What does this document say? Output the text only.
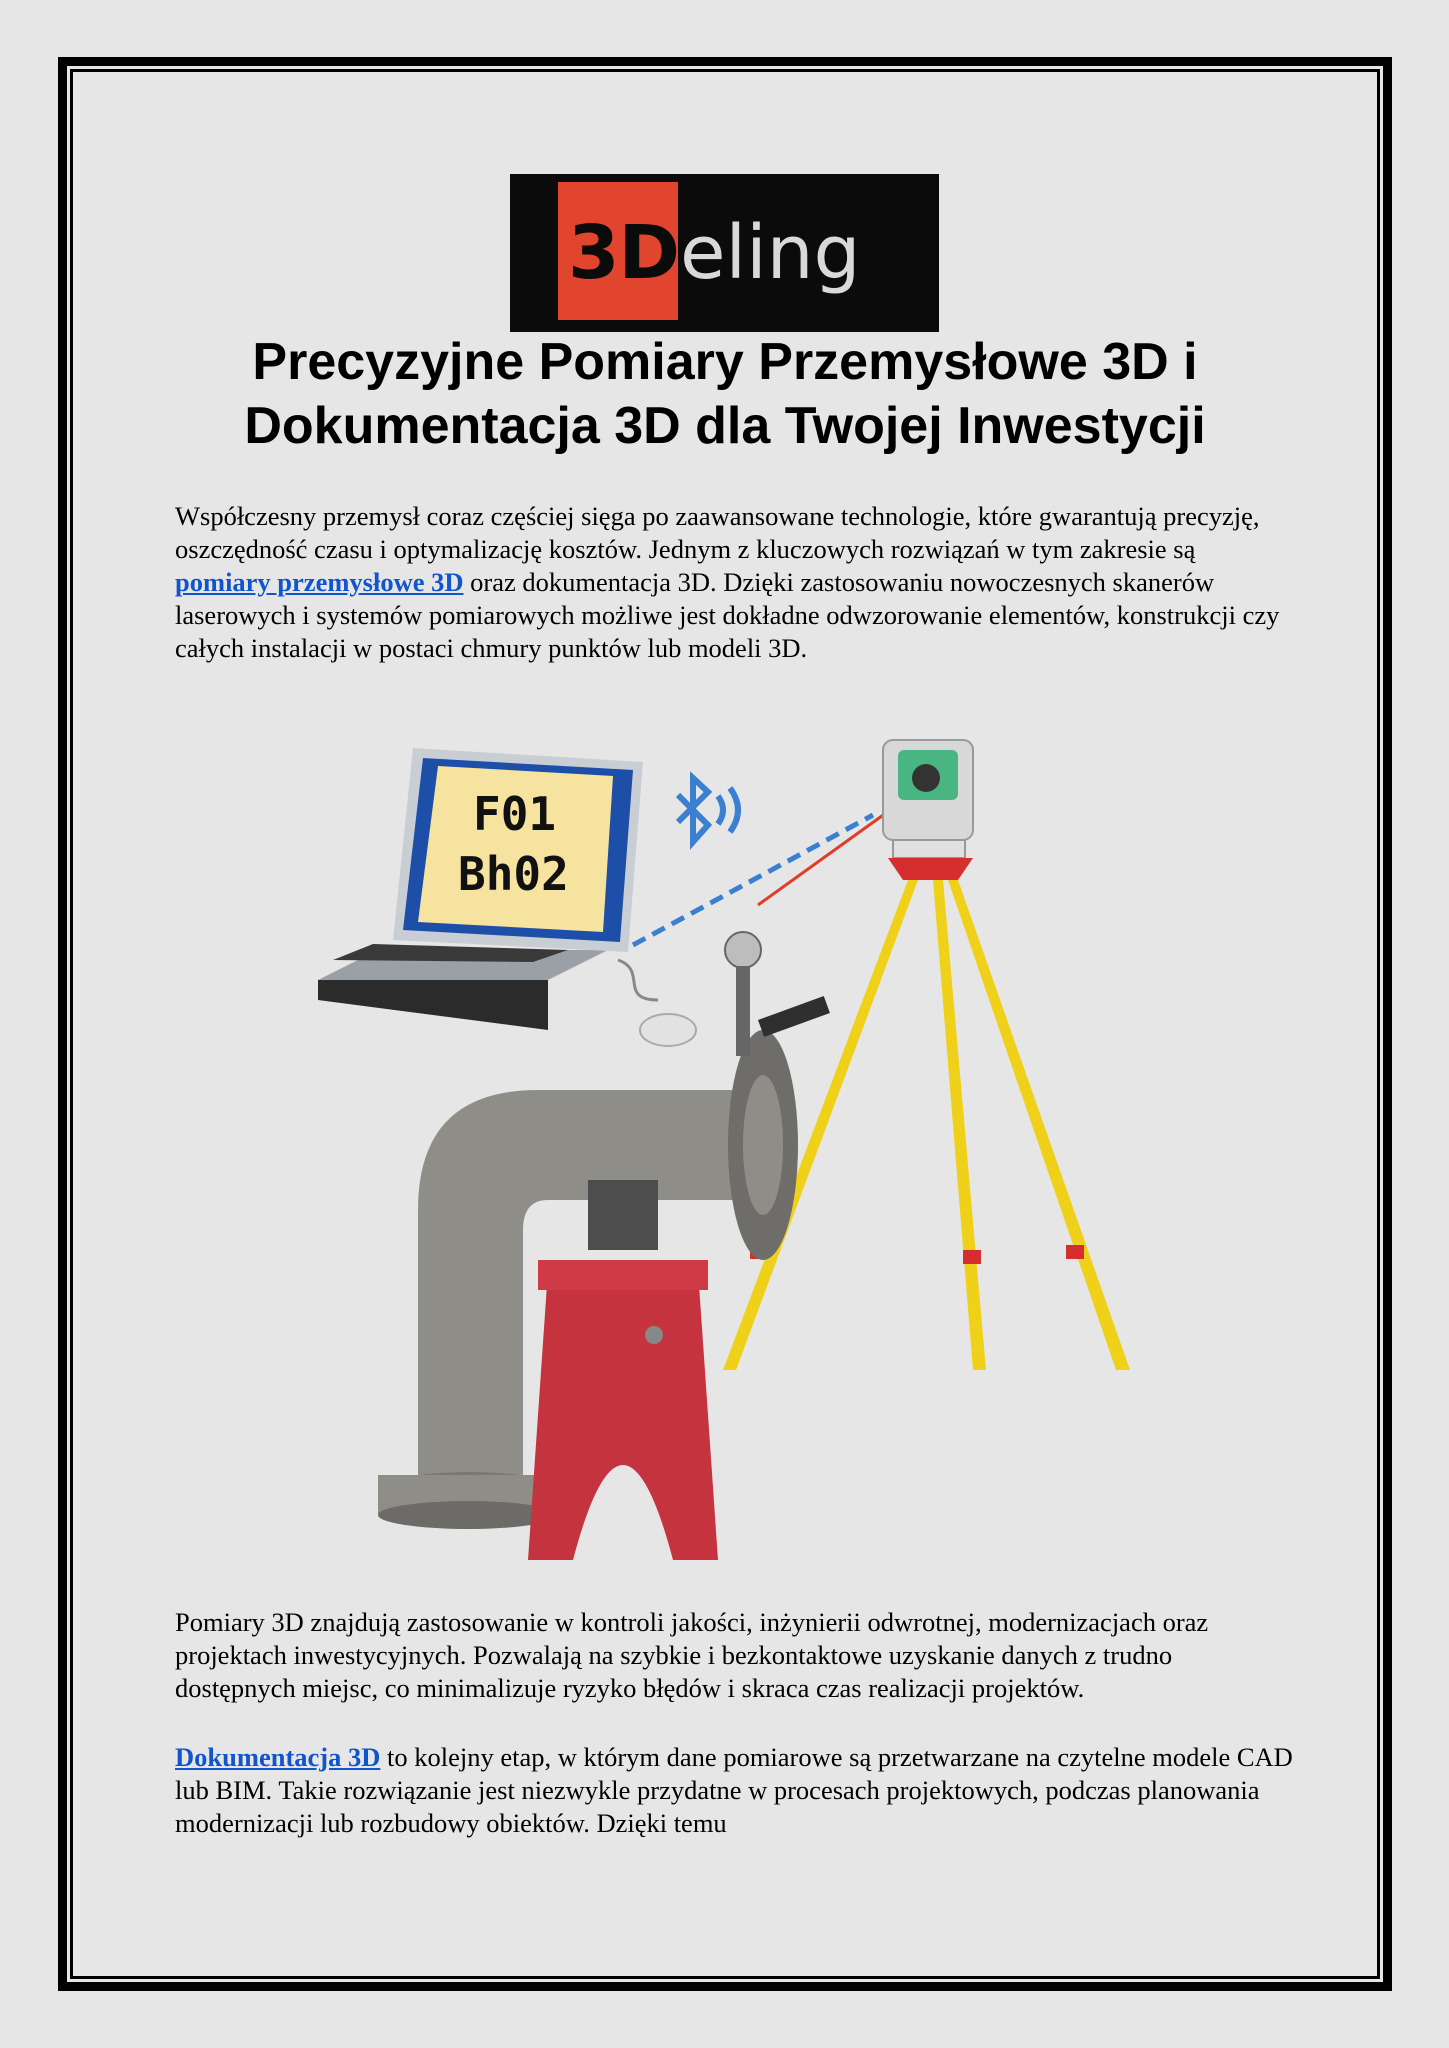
3D eling
Precyzyjne Pomiary Przemysłowe 3D i Dokumentacja 3D dla Twojej Inwestycji

Współczesny przemysł coraz częściej sięga po zaawansowane technologie, które gwarantują precyzję, oszczędność czasu i optymalizację kosztów. Jednym z kluczowych rozwiązań w tym zakresie są pomiary przemysłowe 3D oraz dokumentacja 3D. Dzięki zastosowaniu nowoczesnych skanerów laserowych i systemów pomiarowych możliwe jest dokładne odwzorowanie elementów, konstrukcji czy całych instalacji w postaci chmury punktów lub modeli 3D.

F01
Bh02

Pomiary 3D znajdują zastosowanie w kontroli jakości, inżynierii odwrotnej, modernizacjach oraz projektach inwestycyjnych. Pozwalają na szybkie i bezkontaktowe uzyskanie danych z trudno dostępnych miejsc, co minimalizuje ryzyko błędów i skraca czas realizacji projektów.

Dokumentacja 3D to kolejny etap, w którym dane pomiarowe są przetwarzane na czytelne modele CAD lub BIM. Takie rozwiązanie jest niezwykle przydatne w procesach projektowych, podczas planowania modernizacji lub rozbudowy obiektów. Dzięki temu
